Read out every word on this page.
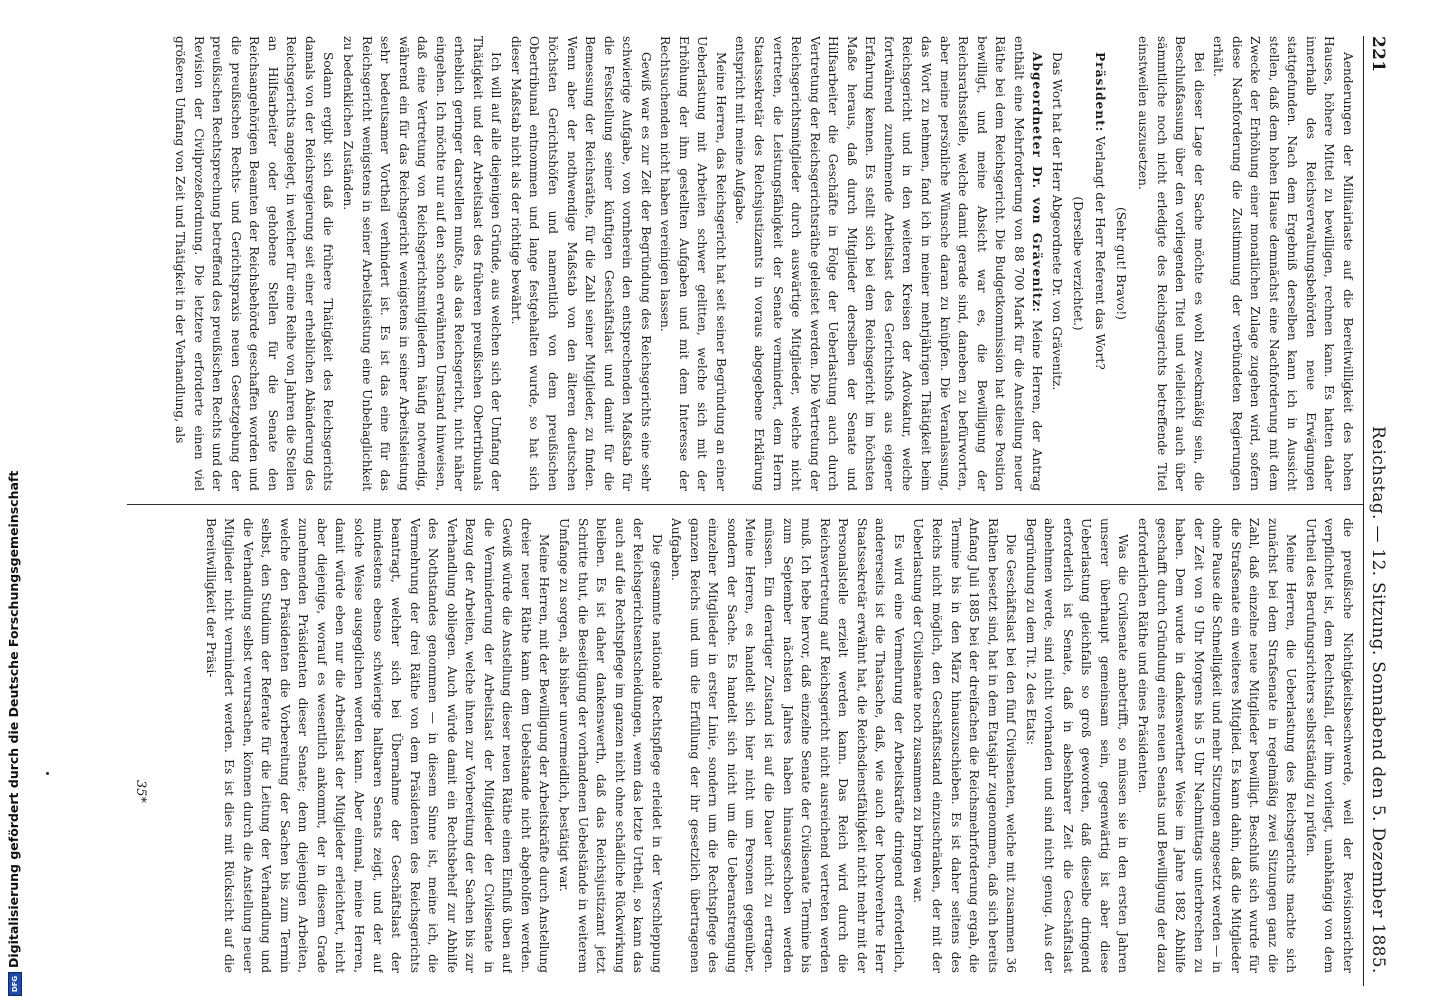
221
Reichstag. — 12. Sitzung. Sonnabend den 5. Dezember 1885.

Aenderungen der Militairlaste auf die Bereitwilligkeit des hohen Hauses, höhere Mittel zu bewilligen, rechnen kann. Es hatten daher innerhalb des Reichsverwaltungsbehörden neue Erwägungen stattgefunden. Nach dem Ergebniß derselben kann ich in Aussicht stellen, daß dem hohen Hause demnächst eine Nachforderung mit dem Zwecke der Erhöhung einer monatlichen Zulage zugehen wird, sofern diese Nachforderung die Zustimmung der verbündeten Regierungen erhält.

Bei dieser Lage der Sache möchte es wohl zweckmäßig sein, die Beschlußfassung über den vorliegenden Titel und vielleicht auch über sämmtliche noch nicht erledigte des Reichsgerichts betreffende Titel einstweilen auszusetzen.

(Sehr gut! Bravo!)

Präsident: Verlangt der Herr Referent das Wort?

(Derselbe verzichtet.)

Das Wort hat der Herr Abgeordnete Dr. von Grävenitz.

Abgeordneter Dr. von Grävenitz: Meine Herren, der Antrag enthält eine Mehrforderung von 88 700 Mark für die Anstellung neuer Räthe bei dem Reichsgericht. Die Budgetkommission hat diese Position bewilligt, und meine Absicht war es, die Bewilligung der Reichsrathsstelle, welche damit gerade sind, daneben zu befürworten, aber meine persönliche Wünsche daran zu knüpfen. Die Veranlassung, das Wort zu nehmen, fand ich in meiner mehrjährigen Thätigkeit beim Reichsgericht und in den weiteren Kreisen der Advokatur, welche fortwährend zunehmende Arbeitslast des Gerichtshofs aus eigener Erfahrung kennen. Es stellt sich bei dem Reichsgericht im höchsten Maße heraus, daß durch Mitglieder derselben der Senate und Hilfsarbeiter die Geschäfte in Folge der Ueberlastung auch durch Vertretung der Reichsgerichtsräthe geleistet werden. Die Vertretung der Reichsgerichtsmitglieder durch auswärtige Mitglieder, welche nicht vertreten, die Leistungsfähigkeit der Senate vermindert, dem Herrn Staatssekretär des Reichsjustizamts in voraus abgegebene Erklärung entspricht mit meine Aufgabe.

Meine Herren, das Reichsgericht hat seit seiner Begründung an einer Ueberlastung mit Arbeiten schwer gelitten, welche sich mit der Erhöhung der ihm gestellten Aufgaben und mit dem Interesse der Rechtsuchenden nicht haben vereinigen lassen.

Gewiß war es zur Zeit der Begründung des Reichsgerichts eine sehr schwierige Aufgabe, von vornherein den entsprechenden Maßstab für die Feststellung seiner künftigen Geschäftslast und damit für die Bemessung der Reichsräthe, für die Zahl seiner Mitglieder, zu finden. Wenn aber der nothwendige Maßstab von den älteren deutschen höchsten Gerichtshöfen und namentlich von dem preußischen Obertribunal entnommen und lange festgehalten wurde, so hat sich dieser Maßstab nicht als der richtige bewährt.

Ich will auf alle diejenigen Gründe, aus welchen sich der Umfang der Thätigkeit und der Arbeitslast des früheren preußischen Obertribunals erheblich geringer darstellen mußte, als das Reichsgericht, nicht näher eingehen. Ich möchte nur auf den schon erwähnten Umstand hinweisen, daß eine Vertretung von Reichsgerichtsmitgliedern häufig notwendig, während ein für das Reichsgericht wenigstens in seiner Arbeitsleistung sehr bedeutsamer Vortheil verhindert ist. Es ist das eine für das Reichsgericht wenigstens in seiner Arbeitsleistung eine Unbehaglichkeit zu bedenklichen Zuständen.

Sodann ergibt sich daß die frühere Thätigkeit des Reichsgerichts damals von der Reichsregierung seit einer erheblichen Abänderung des Reichsgerichts angelegt, in welcher für eine Reihe von Jahren die Stellen an Hilfsarbeiter oder gehobene Stellen für die Senate den Reichsangehörigen Beamten der Reichsbehörde geschaffen worden und die preußischen Rechts- und Gerichtspraxis neuen Gesetzgebung der preußischen Rechtsprechung betreffend des preußischen Rechts und der Revision der Civilprozeßordnung. Die letztere erforderte einen viel größeren Umfang von Zeit und Thätigkeit in der Verhandlung, als

die preußische Nichtigkeitsbeschwerde, weil der Revisionsrichter verpflichtet ist, dem Rechtsfall, der ihm vorliegt, unabhängig von dem Urtheil des Berufungsrichters selbstständig zu prüfen.

Meine Herren, die Ueberlastung des Reichsgerichts machte sich zunächst bei dem Strafsenate in regelmäßig zwei Sitzungen ganz die Zahl, daß einzelne neue Mitglieder bewilligt. Beschluß sich wurde für die Strafsenate ein weiteres Mitglied. Es kann dahin, daß die Mitglieder ohne Pause die Schnelligkeit und mehr Sitzungen angesetzt werden — in der Zeit von 9 Uhr Morgens bis 5 Uhr Nachmittags unterbrechen zu haben. Dem wurde in dankenswerther Weise im Jahre 1882 Abhilfe geschafft durch Gründung eines neuen Senats und Bewilligung der dazu erforderlichen Räthe und eines Präsidenten.

Was die Civilsenate anbetrifft, so müssen sie in den ersten Jahren unserer überhaupt gemeinsam sein, gegenwärtig ist aber diese Ueberlastung gleichfalls so groß geworden, daß dieselbe dringend erforderlich ist Senate, daß in absehbarer Zeit die Geschäftslast abnehmen werde, sind nicht vorhanden und sind nicht genug. Aus der Begründung zu dem Tit. 2 des Etats:

Die Geschäftslast bei den fünf Civilsenaten, welche mit zusammen 36 Räthen besetzt sind, hat in dem Etatsjahr zugenommen, daß sich bereits Anfang Juli 1885 bei der dreifachen die Reichsmehrforderung ergab, die Termine bis in den März hinauszuschieben. Es ist daher seitens des Reichs nicht möglich, den Geschäftsstand einzuschränken, der mit der Ueberlastung der Civilsenate noch zusammen zu bringen war.

Es wird eine Vermehrung der Arbeitskräfte dringend erforderlich, andererseits ist die Thatsache, daß, wie auch der hochverehrte Herr Staatssekretär erwähnt hat, die Reichsdienstfähigkeit nicht mehr mit der Personalstelle erzielt werden kann. Das Reich wird durch die Reichsvertretung auf Reichsgericht nicht ausreichend vertreten werden muß. Ich hebe hervor, daß einzelne Senate der Civilsenate Termine bis zum September nächsten Jahres haben hinausgeschoben werden müssen. Ein derartiger Zustand ist auf die Dauer nicht zu ertragen. Meine Herren, es handelt sich hier nicht um Personen gegenüber, sondern der Sache. Es handelt sich nicht um die Ueberanstrengung einzelner Mitglieder in erster Linie, sondern um die Rechtspflege des ganzen Reichs und um die Erfüllung der ihr gesetzlich übertragenen Aufgaben.

Die gesammte nationale Rechtspflege erleidet in der Verschleppung der Reichsgerichtsentscheidungen, wenn das letzte Urtheil, so kann das auch auf die Rechtspflege im ganzen nicht ohne schädliche Rückwirkung bleiben. Es ist daher dankenswerth, daß das Reichsjustizamt jetzt Schritte thut, die Beseitigung der vorhandenen Uebelstände in weiterem Umfange zu sorgen, als bisher unvermeidlich, bestätigt war.

Meine Herren, mit der Bewilligung der Arbeitskräfte durch Anstellung dreier neuer Räthe kann dem Uebelstande nicht abgeholfen werden. Gewiß würde die Anstellung dieser neuen Räthe einen Einfluß üben auf die Verminderung der Arbeitslast der Mitglieder der Civilsenate in Bezug der Arbeiten, welche ihnen zur Vorbereitung der Sachen bis zur Verhandlung obliegen. Auch würde damit ein Rechtsbehelf zur Abhilfe des Nothstandes genommen — in diesem Sinne ist, meine ich, die Vermehrung der drei Räthe von dem Präsidenten des Reichsgerichts beantragt, welcher sich bei Übernahme der Geschäftslast der mindestens ebenso schwierige haltbaren Senats zeigt, und der auf solche Weise ausgeglichen werden kann. Aber einmal, meine Herren, damit würde eben nur die Arbeitslast der Mitglieder erleichtert, nicht aber diejenige, worauf es wesentlich ankommt, der in diesem Grade zunehmenden Präsidenten dieser Senate; denn diejenigen Arbeiten, welche den Präsidenten die Vorbereitung der Sachen bis zum Termin selbst, den Studium der Referate für die Leitung der Verhandlung und die Verhandlung selbst verursachen, können durch die Anstellung neuer Mitglieder nicht vermindert werden. Es ist dies mit Rücksicht auf die Bereitwilligkeit der Präsi-

35*
DFGDigitalisierung gefördert durch die Deutsche Forschungsgemeinschaft
